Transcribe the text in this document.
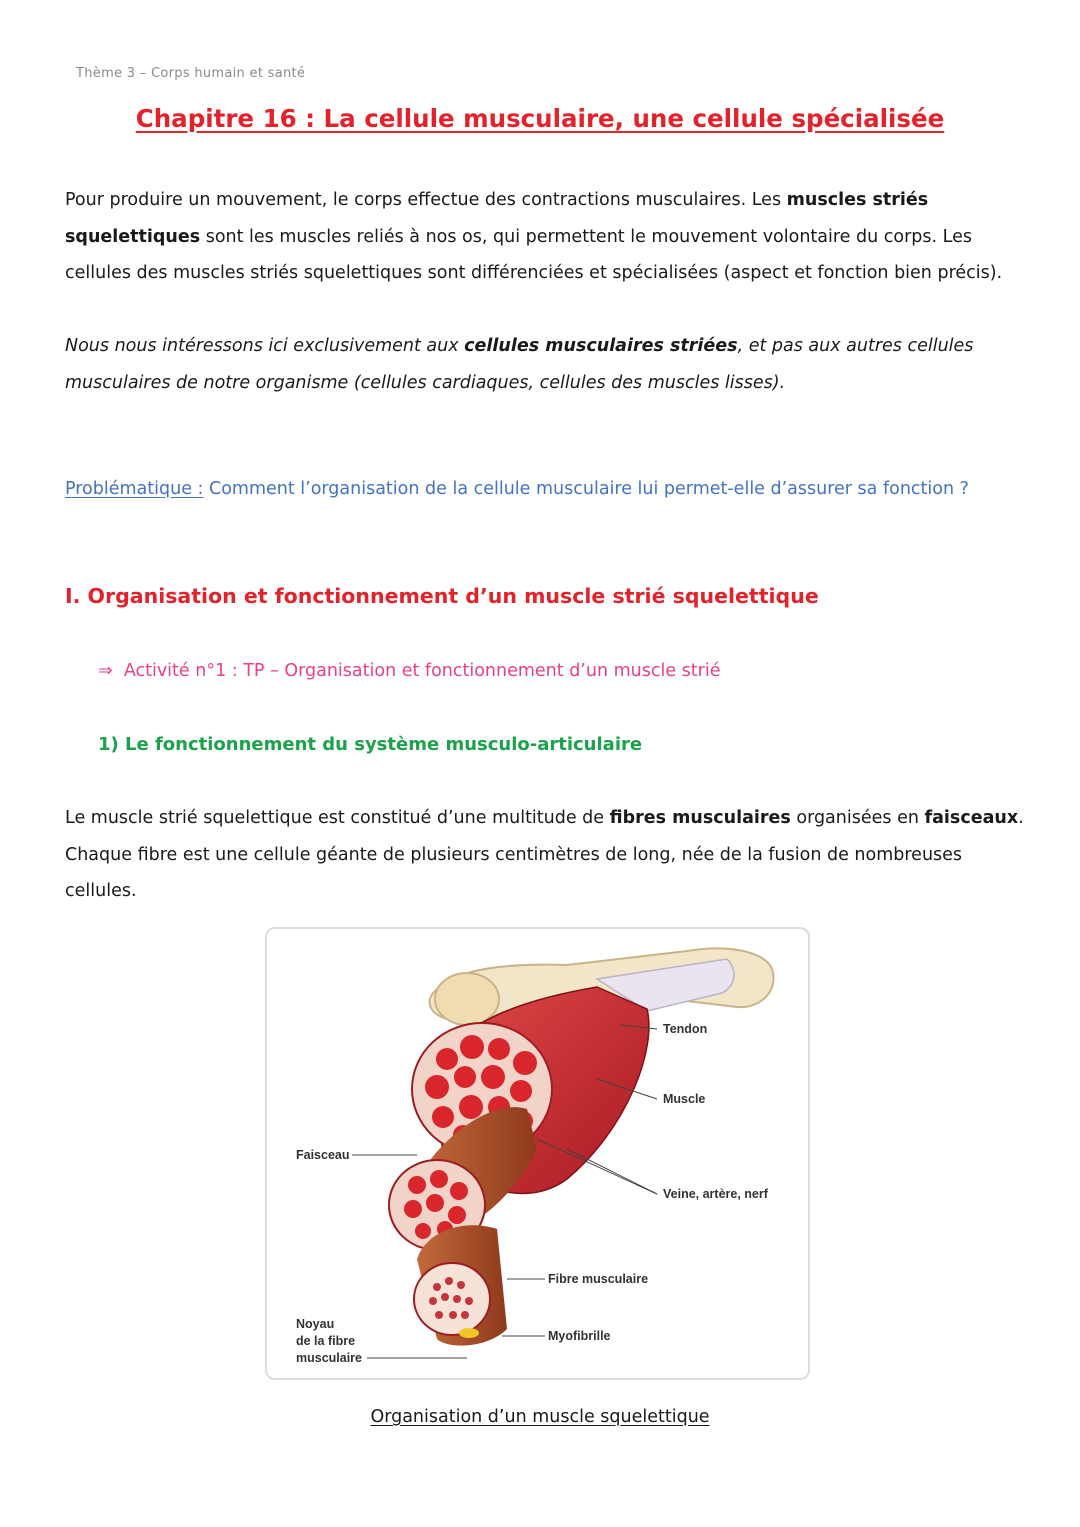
Thème 3 – Corps humain et santé
Chapitre 16 : La cellule musculaire, une cellule spécialisée
Pour produire un mouvement, le corps effectue des contractions musculaires. Les muscles striés squelettiques sont les muscles reliés à nos os, qui permettent le mouvement volontaire du corps. Les cellules des muscles striés squelettiques sont différenciées et spécialisées (aspect et fonction bien précis).
Nous nous intéressons ici exclusivement aux cellules musculaires striées, et pas aux autres cellules musculaires de notre organisme (cellules cardiaques, cellules des muscles lisses).
Problématique : Comment l’organisation de la cellule musculaire lui permet-elle d’assurer sa fonction ?
I. Organisation et fonctionnement d’un muscle strié squelettique
⇒ Activité n°1 : TP – Organisation et fonctionnement d’un muscle strié
1) Le fonctionnement du système musculo-articulaire
Le muscle strié squelettique est constitué d’une multitude de fibres musculaires organisées en faisceaux. Chaque fibre est une cellule géante de plusieurs centimètres de long, née de la fusion de nombreuses cellules.
Tendon
Muscle
Veine, artère, nerf
Faisceau
Fibre musculaire
Myofibrille
Noyau
de la fibre
musculaire
Organisation d’un muscle squelettique
